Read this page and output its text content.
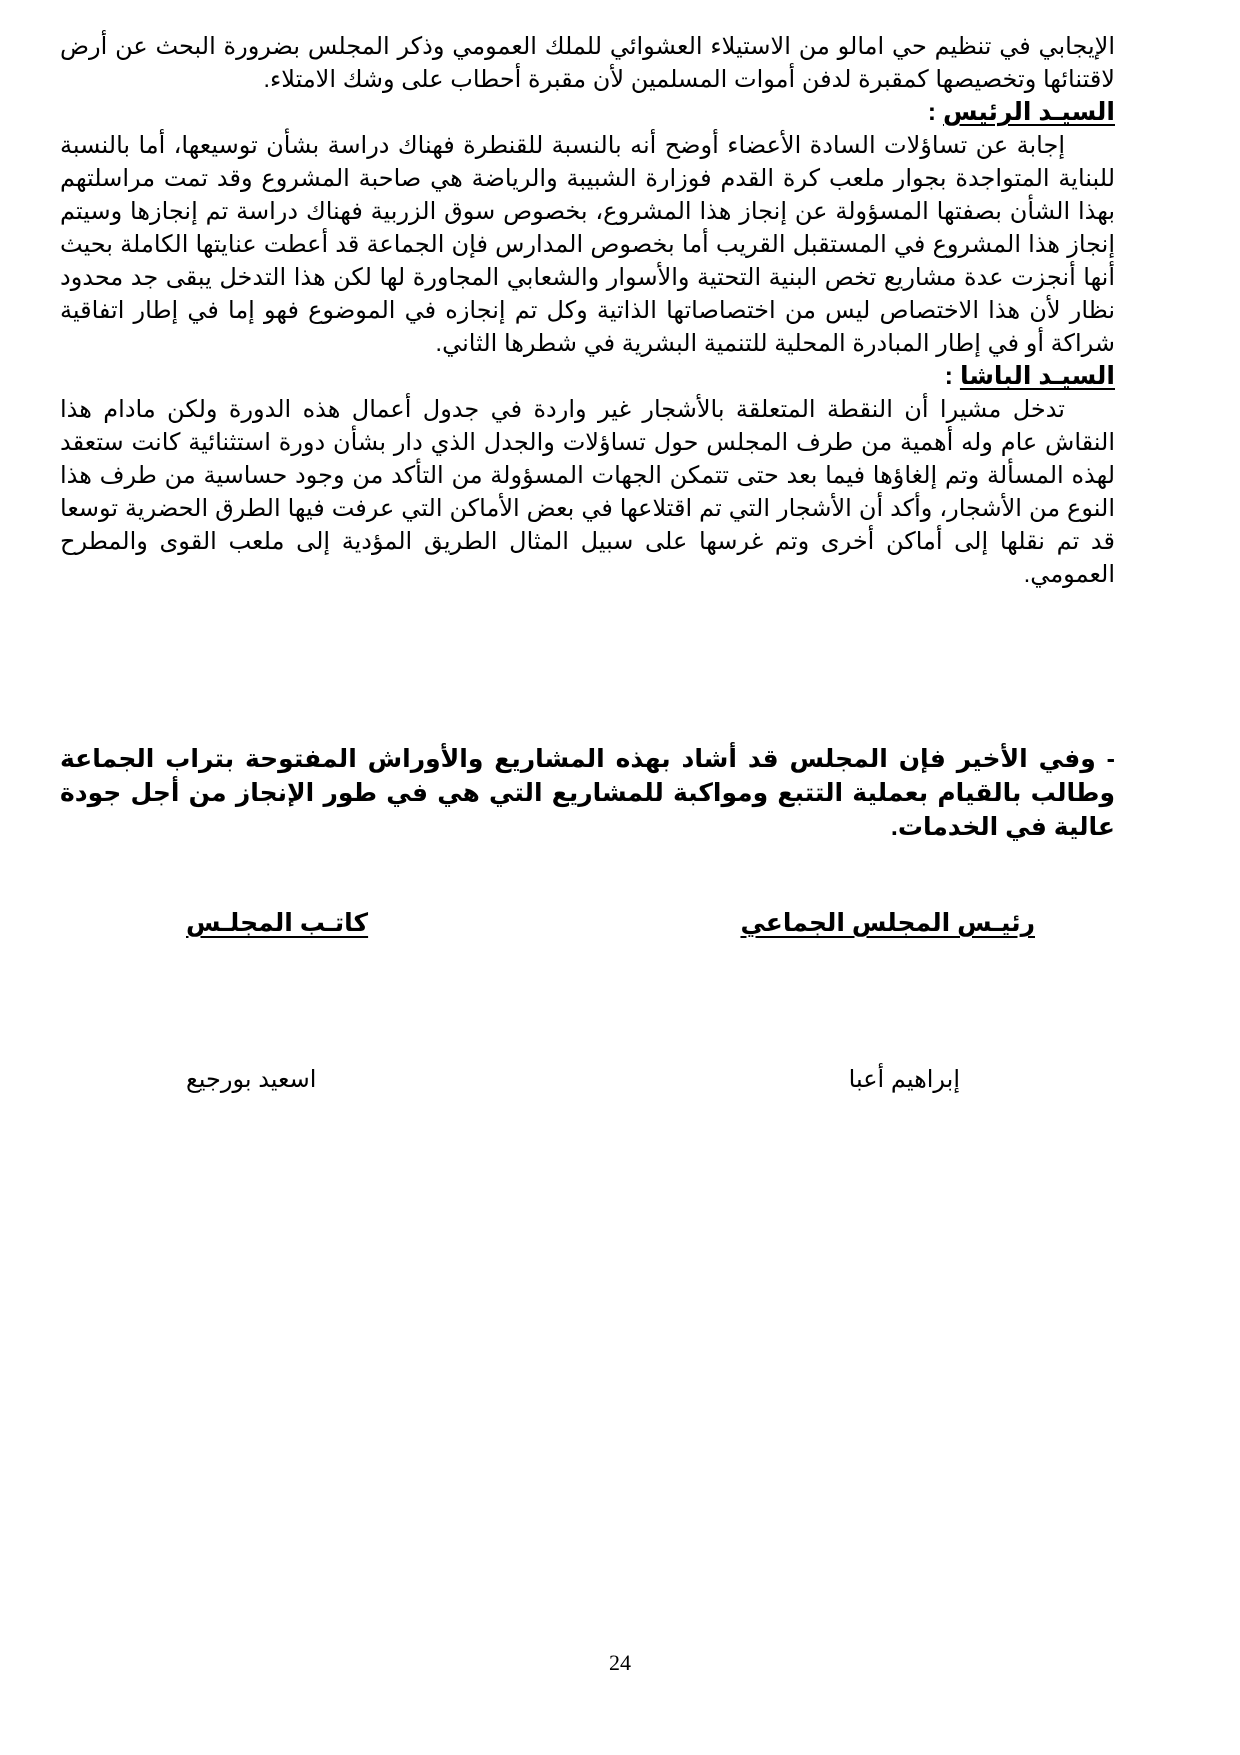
الإيجابي في تنظيم حي امالو من الاستيلاء العشوائي للملك العمومي وذكر المجلس بضرورة البحث عن أرض لاقتنائها وتخصيصها كمقبرة لدفن أموات المسلمين لأن مقبرة أحطاب على وشك الامتلاء.

السيـد الرئيس :

إجابة عن تساؤلات السادة الأعضاء أوضح أنه بالنسبة للقنطرة فهناك دراسة بشأن توسيعها، أما بالنسبة للبناية المتواجدة بجوار ملعب كرة القدم فوزارة الشبيبة والرياضة هي صاحبة المشروع وقد تمت مراسلتهم بهذا الشأن بصفتها المسؤولة عن إنجاز هذا المشروع، بخصوص سوق الزربية فهناك دراسة تم إنجازها وسيتم إنجاز هذا المشروع في المستقبل القريب أما بخصوص المدارس فإن الجماعة قد أعطت عنايتها الكاملة بحيث أنها أنجزت عدة مشاريع تخص البنية التحتية والأسوار والشعابي المجاورة لها لكن هذا التدخل يبقى جد محدود نظار لأن هذا الاختصاص ليس من اختصاصاتها الذاتية وكل تم إنجازه في الموضوع فهو إما في إطار اتفاقية شراكة أو في إطار المبادرة المحلية للتنمية البشرية في شطرها الثاني.

السيـد الباشا :

تدخل مشيرا أن النقطة المتعلقة بالأشجار غير واردة في جدول أعمال هذه الدورة ولكن مادام هذا النقاش عام وله أهمية من طرف المجلس حول تساؤلات والجدل الذي دار بشأن دورة استثنائية كانت ستعقد لهذه المسألة وتم إلغاؤها فيما بعد حتى تتمكن الجهات المسؤولة من التأكد من وجود حساسية من طرف هذا النوع من الأشجار، وأكد أن الأشجار التي تم اقتلاعها في بعض الأماكن التي عرفت فيها الطرق الحضرية توسعا قد تم نقلها إلى أماكن أخرى وتم غرسها على سبيل المثال الطريق المؤدية إلى ملعب القوى والمطرح العمومي.

- وفي الأخير فإن المجلس قد أشاد بهذه المشاريع والأوراش المفتوحة بتراب الجماعة وطالب بالقيام بعملية التتبع ومواكبة للمشاريع التي هي في طور الإنجاز من أجل جودة عالية في الخدمات.

رئيـس المجلس الجماعي
كاتـب المجلـس
إبراهيم أعبا
اسعيد بورجيع
24
